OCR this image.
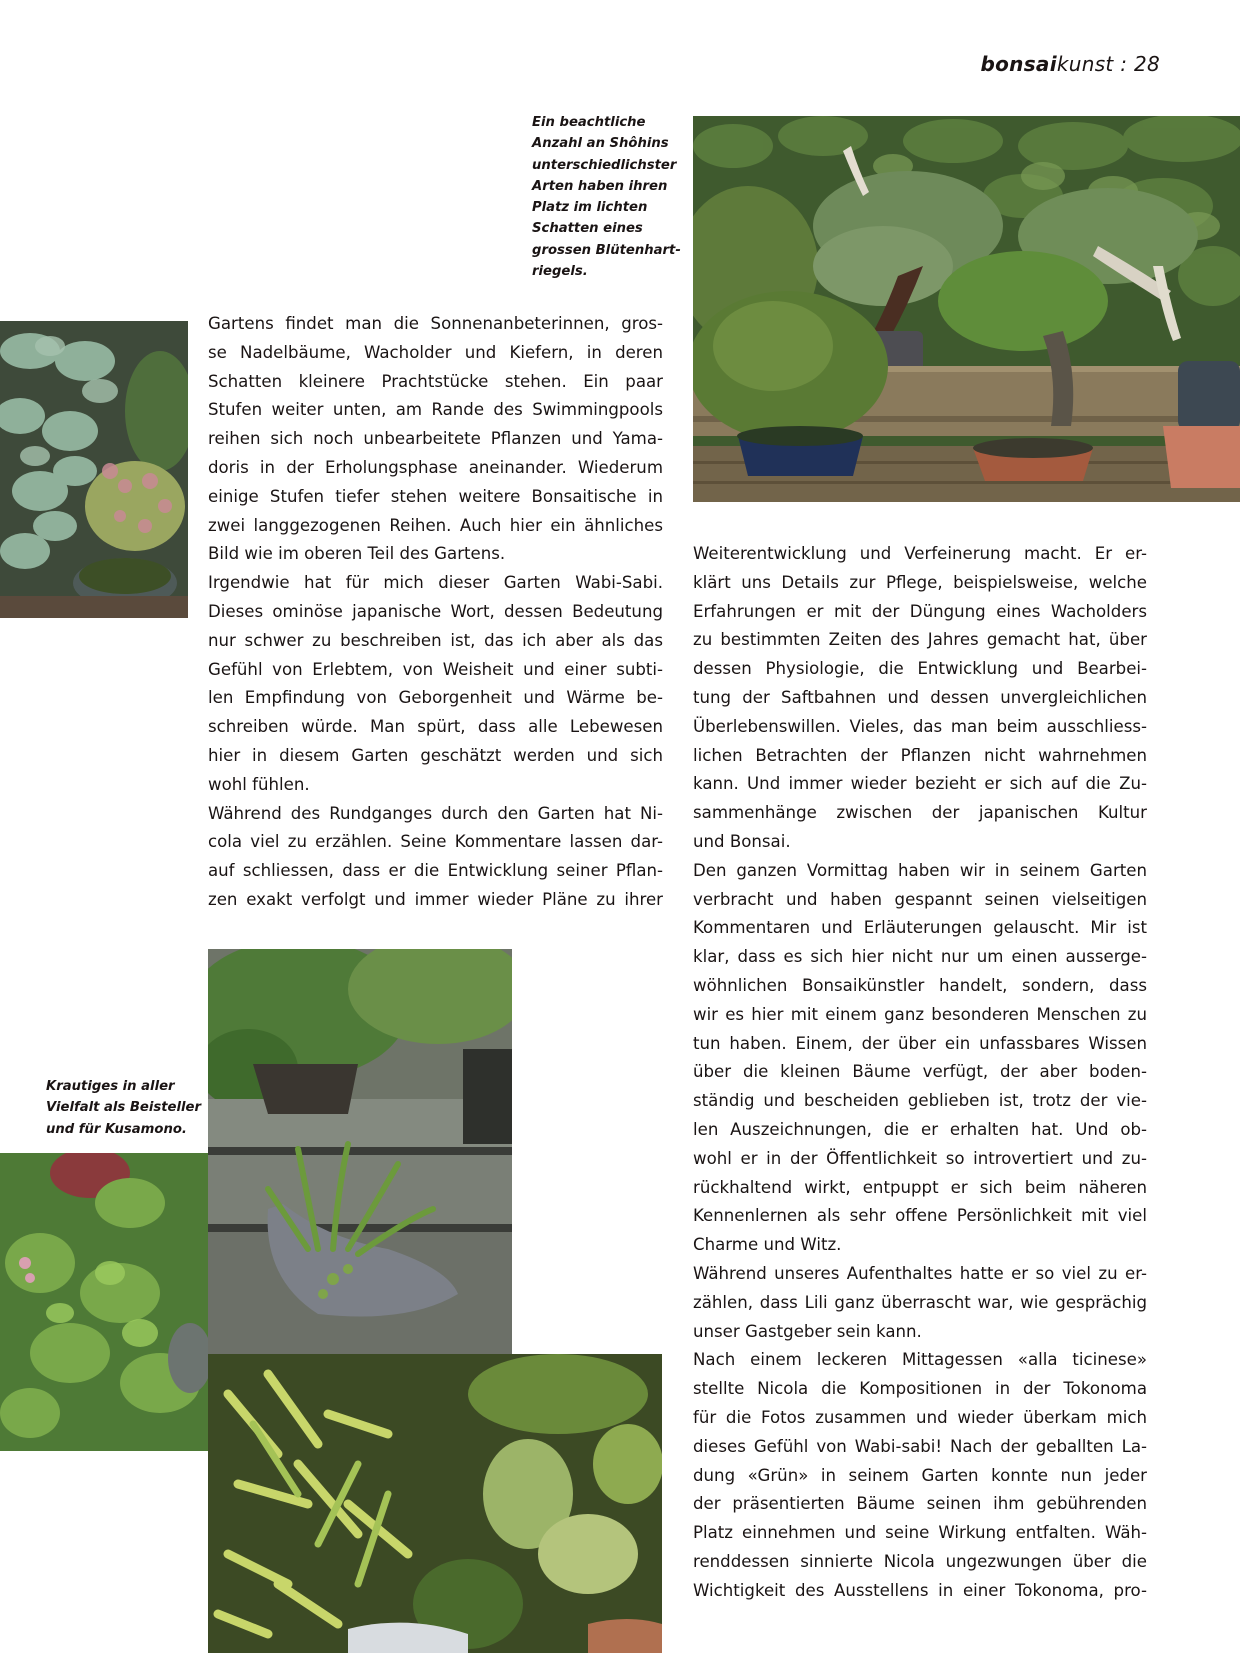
bonsaikunst : 28
Ein beachtliche
Anzahl an Shôhins
unterschiedlichster
Arten haben ihren
Platz im lichten
Schatten eines
grossen Blütenhart-
riegels.
Krautiges in aller
Vielfalt als Beisteller
und für Kusamono.
Gartens findet man die Sonnenanbeterinnen, gros-
se Nadelbäume, Wacholder und Kiefern, in deren
Schatten kleinere Prachtstücke stehen. Ein paar
Stufen weiter unten, am Rande des Swimmingpools
reihen sich noch unbearbeitete Pflanzen und Yama-
doris in der Erholungsphase aneinander. Wiederum
einige Stufen tiefer stehen weitere Bonsaitische in
zwei langgezogenen Reihen. Auch hier ein ähnliches
Bild wie im oberen Teil des Gartens.
Irgendwie hat für mich dieser Garten Wabi-Sabi.
Dieses ominöse japanische Wort, dessen Bedeutung
nur schwer zu beschreiben ist, das ich aber als das
Gefühl von Erlebtem, von Weisheit und einer subti-
len Empfindung von Geborgenheit und Wärme be-
schreiben würde. Man spürt, dass alle Lebewesen
hier in diesem Garten geschätzt werden und sich
wohl fühlen.
Während des Rundganges durch den Garten hat Ni-
cola viel zu erzählen. Seine Kommentare lassen dar-
auf schliessen, dass er die Entwicklung seiner Pflan-
zen exakt verfolgt und immer wieder Pläne zu ihrer
Weiterentwicklung und Verfeinerung macht. Er er-
klärt uns Details zur Pflege, beispielsweise, welche
Erfahrungen er mit der Düngung eines Wacholders
zu bestimmten Zeiten des Jahres gemacht hat, über
dessen Physiologie, die Entwicklung und Bearbei-
tung der Saftbahnen und dessen unvergleichlichen
Überlebenswillen. Vieles, das man beim ausschliess-
lichen Betrachten der Pflanzen nicht wahrnehmen
kann. Und immer wieder bezieht er sich auf die Zu-
sammenhänge zwischen der japanischen Kultur
und Bonsai.
Den ganzen Vormittag haben wir in seinem Garten
verbracht und haben gespannt seinen vielseitigen
Kommentaren und Erläuterungen gelauscht. Mir ist
klar, dass es sich hier nicht nur um einen ausserge-
wöhnlichen Bonsaikünstler handelt, sondern, dass
wir es hier mit einem ganz besonderen Menschen zu
tun haben. Einem, der über ein unfassbares Wissen
über die kleinen Bäume verfügt, der aber boden-
ständig und bescheiden geblieben ist, trotz der vie-
len Auszeichnungen, die er erhalten hat. Und ob-
wohl er in der Öffentlichkeit so introvertiert und zu-
rückhaltend wirkt, entpuppt er sich beim näheren
Kennenlernen als sehr offene Persönlichkeit mit viel
Charme und Witz.
Während unseres Aufenthaltes hatte er so viel zu er-
zählen, dass Lili ganz überrascht war, wie gesprächig
unser Gastgeber sein kann.
Nach einem leckeren Mittagessen «alla ticinese»
stellte Nicola die Kompositionen in der Tokonoma
für die Fotos zusammen und wieder überkam mich
dieses Gefühl von Wabi-sabi! Nach der geballten La-
dung «Grün» in seinem Garten konnte nun jeder
der präsentierten Bäume seinen ihm gebührenden
Platz einnehmen und seine Wirkung entfalten. Wäh-
renddessen sinnierte Nicola ungezwungen über die
Wichtigkeit des Ausstellens in einer Tokonoma, pro-
